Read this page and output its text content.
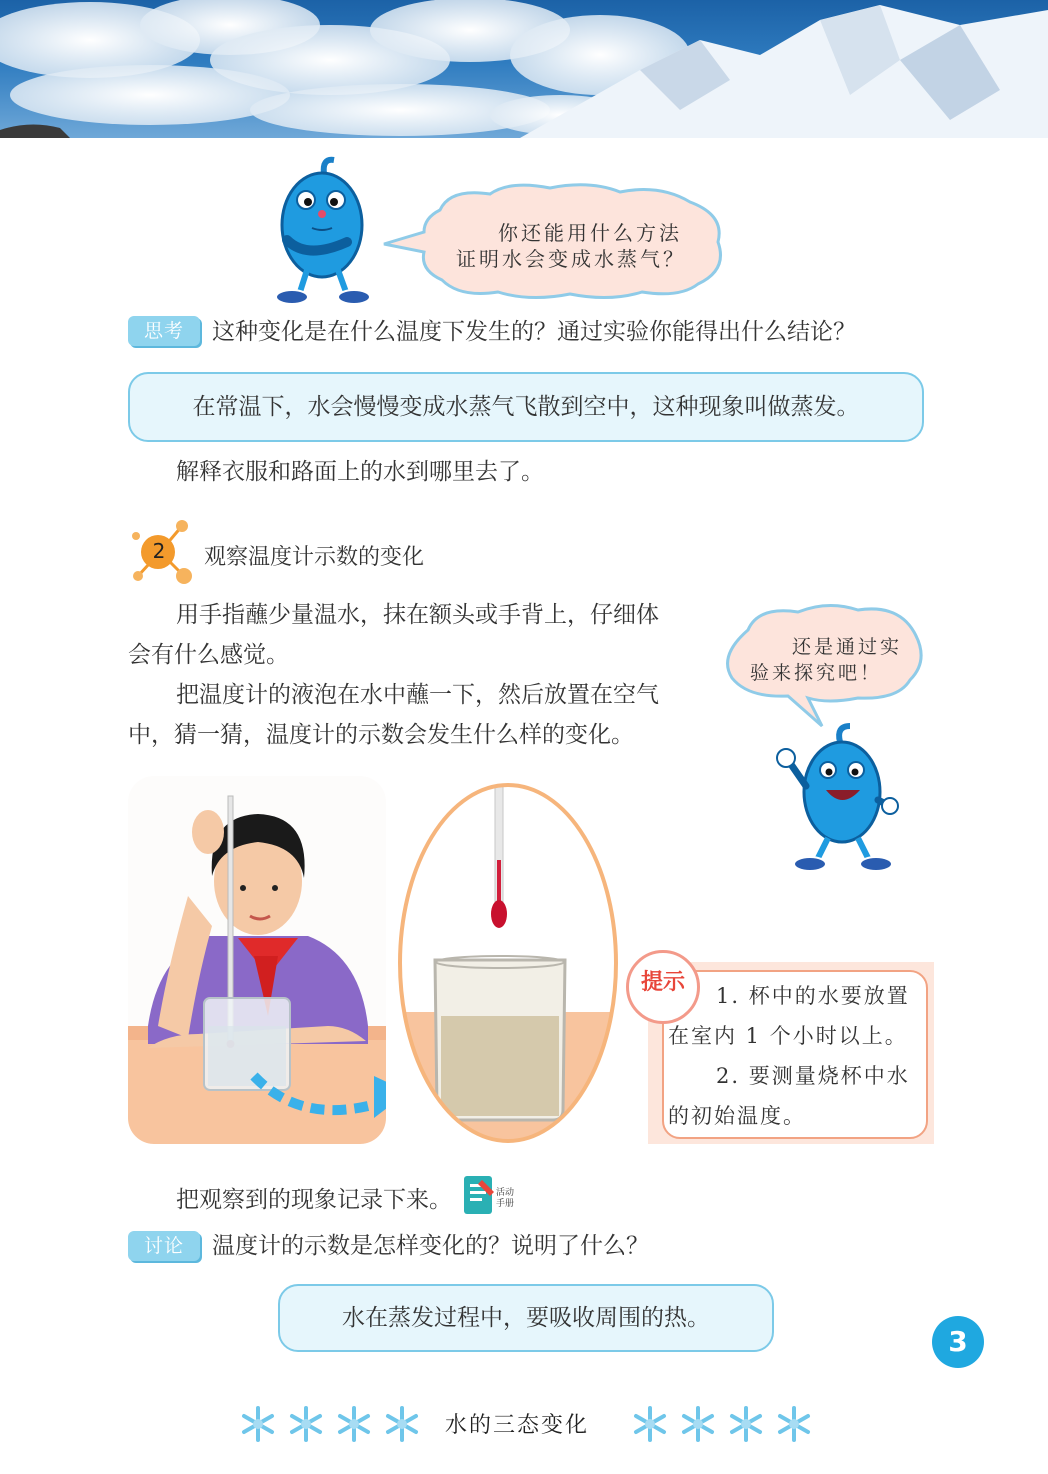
你还能用什么方法
证明水会变成水蒸气？
思考	这种变化是在什么温度下发生的？通过实验你能得出什么结论？
在常温下，水会慢慢变成水蒸气飞散到空中，这种现象叫做蒸发。
解释衣服和路面上的水到哪里去了。
2 观察温度计示数的变化
用手指蘸少量温水，抹在额头或手背上，仔细体
会有什么感觉。
把温度计的液泡在水中蘸一下，然后放置在空气
中，猜一猜，温度计的示数会发生什么样的变化。
还是通过实
验来探究吧！
提示
1. 杯中的水要放置
在室内 1 个小时以上。
2. 要测量烧杯中水
的初始温度。
把观察到的现象记录下来。	活动
手册
讨论	温度计的示数是怎样变化的？说明了什么？
水在蒸发过程中，要吸收周围的热。
3
水的三态变化
